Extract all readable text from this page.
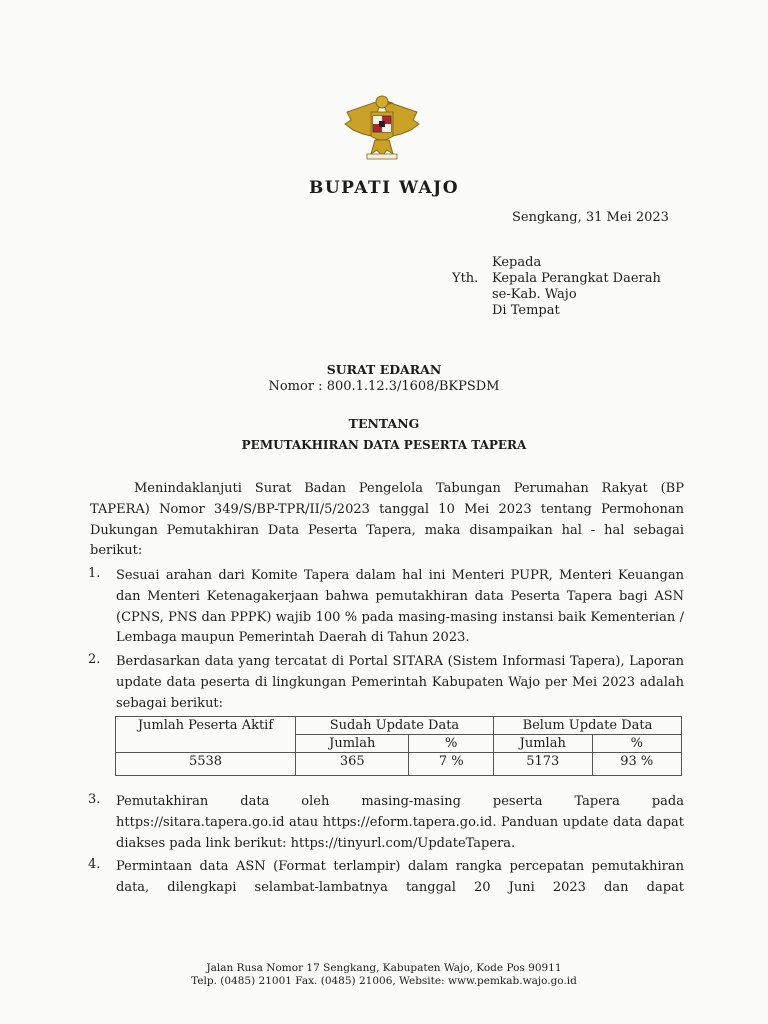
BUPATI WAJO
Sengkang, 31 Mei 2023
Kepada
Yth. Kepala Perangkat Daerah
se-Kab. Wajo
Di Tempat
SURAT EDARAN
Nomor : 800.1.12.3/1608/BKPSDM
TENTANG
PEMUTAKHIRAN DATA PESERTA TAPERA
Menindaklanjuti Surat Badan Pengelola Tabungan Perumahan Rakyat (BP TAPERA) Nomor 349/S/BP-TPR/II/5/2023 tanggal 10 Mei 2023 tentang Permohonan Dukungan Pemutakhiran Data Peserta Tapera, maka disampaikan hal - hal sebagai berikut:
1. Sesuai arahan dari Komite Tapera dalam hal ini Menteri PUPR, Menteri Keuangan dan Menteri Ketenagakerjaan bahwa pemutakhiran data Peserta Tapera bagi ASN (CPNS, PNS dan PPPK) wajib 100 % pada masing-masing instansi baik Kementerian / Lembaga maupun Pemerintah Daerah di Tahun 2023.
2. Berdasarkan data yang tercatat di Portal SITARA (Sistem Informasi Tapera), Laporan update data peserta di lingkungan Pemerintah Kabupaten Wajo per Mei 2023 adalah sebagai berikut:
Jumlah Peserta Aktif	Sudah Update Data		Belum Update Data	
	Jumlah	%	Jumlah	%
5538	365	7 %	5173	93 %
3. Pemutakhiran data oleh masing-masing peserta Tapera pada https://sitara.tapera.go.id atau https://eform.tapera.go.id. Panduan update data dapat diakses pada link berikut: https://tinyurl.com/UpdateTapera.
4. Permintaan data ASN (Format terlampir) dalam rangka percepatan pemutakhiran data, dilengkapi selambat-lambatnya tanggal 20 Juni 2023 dan dapat
Jalan Rusa Nomor 17 Sengkang, Kabupaten Wajo, Kode Pos 90911
Telp. (0485) 21001 Fax. (0485) 21006, Website: www.pemkab.wajo.go.id
